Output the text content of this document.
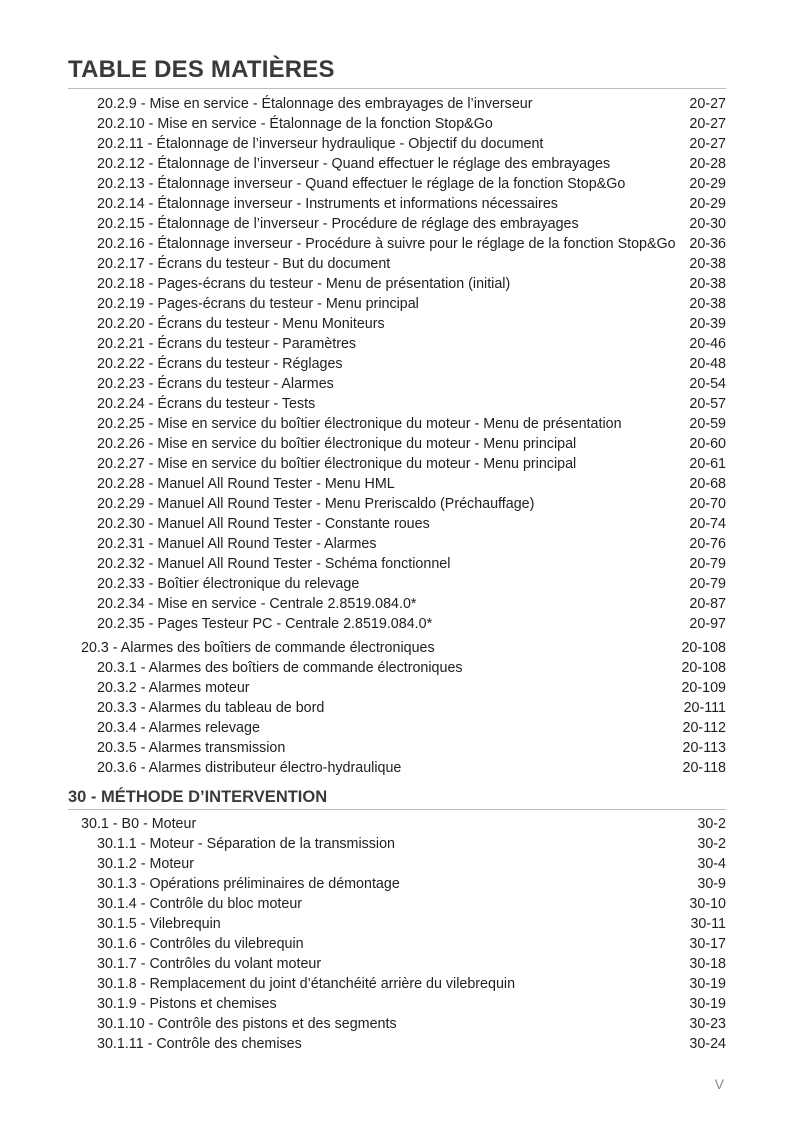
TABLE DES MATIÈRES
20.2.9 - Mise en service - Étalonnage des embrayages de l’inverseur	20-27
20.2.10 - Mise en service - Étalonnage de la fonction Stop&Go	20-27
20.2.11 - Étalonnage de l’inverseur hydraulique - Objectif du document	20-27
20.2.12 - Étalonnage de l’inverseur - Quand effectuer le réglage des embrayages	20-28
20.2.13 - Étalonnage inverseur - Quand effectuer le réglage de la fonction Stop&Go	20-29
20.2.14 - Étalonnage inverseur - Instruments et informations nécessaires	20-29
20.2.15 - Étalonnage de l’inverseur - Procédure de réglage des embrayages	20-30
20.2.16 - Étalonnage inverseur - Procédure à suivre pour le réglage de la fonction Stop&Go 20-36
20.2.17 - Écrans du testeur - But du document	20-38
20.2.18 - Pages-écrans du testeur - Menu de présentation (initial)	20-38
20.2.19 - Pages-écrans du testeur - Menu principal	20-38
20.2.20 - Écrans du testeur - Menu Moniteurs	20-39
20.2.21 - Écrans du testeur - Paramètres	20-46
20.2.22 - Écrans du testeur - Réglages	20-48
20.2.23 - Écrans du testeur - Alarmes	20-54
20.2.24 - Écrans du testeur - Tests	20-57
20.2.25 - Mise en service du boîtier électronique du moteur - Menu de présentation	20-59
20.2.26 - Mise en service du boîtier électronique du moteur - Menu principal	20-60
20.2.27 - Mise en service du boîtier électronique du moteur - Menu principal	20-61
20.2.28 - Manuel All Round Tester - Menu HML	20-68
20.2.29 - Manuel All Round Tester - Menu Preriscaldo (Préchauffage)	20-70
20.2.30 - Manuel All Round Tester - Constante roues	20-74
20.2.31 - Manuel All Round Tester - Alarmes	20-76
20.2.32 - Manuel All Round Tester - Schéma fonctionnel	20-79
20.2.33 - Boîtier électronique du relevage	20-79
20.2.34 - Mise en service - Centrale 2.8519.084.0*	20-87
20.2.35 - Pages Testeur PC - Centrale 2.8519.084.0*	20-97
20.3 - Alarmes des boîtiers de commande électroniques	20-108
20.3.1 - Alarmes des boîtiers de commande électroniques	20-108
20.3.2 - Alarmes moteur	20-109
20.3.3 - Alarmes du tableau de bord	20-111
20.3.4 - Alarmes relevage	20-112
20.3.5 - Alarmes transmission	20-113
20.3.6 - Alarmes distributeur électro-hydraulique	20-118
30 - MÉTHODE D’INTERVENTION
30.1 - B0 - Moteur	30-2
30.1.1 - Moteur - Séparation de la transmission	30-2
30.1.2 - Moteur	30-4
30.1.3 - Opérations préliminaires de démontage	30-9
30.1.4 - Contrôle du bloc moteur	30-10
30.1.5 - Vilebrequin	30-11
30.1.6 - Contrôles du vilebrequin	30-17
30.1.7 - Contrôles du volant moteur	30-18
30.1.8 - Remplacement du joint d’étanchéité arrière du vilebrequin	30-19
30.1.9 - Pistons et chemises	30-19
30.1.10 - Contrôle des pistons et des segments	30-23
30.1.11 - Contrôle des chemises	30-24
V
